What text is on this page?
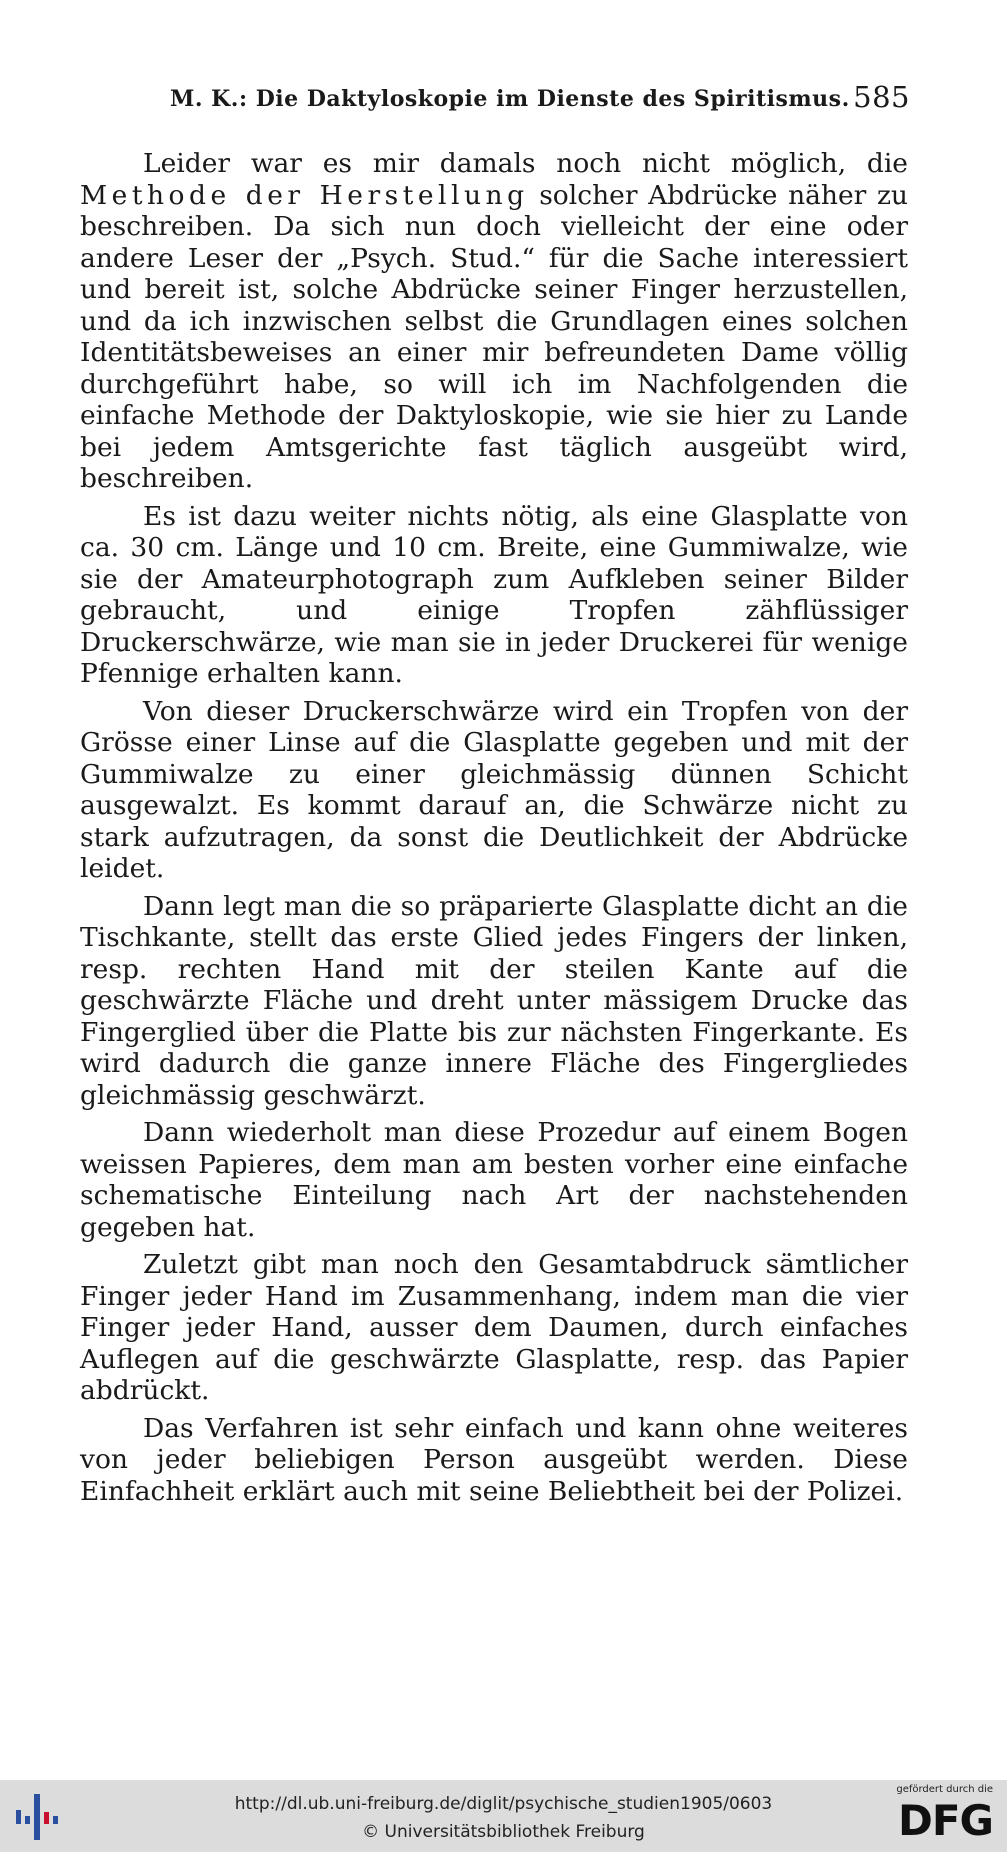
M. K.: Die Daktyloskopie im Dienste des Spiritismus. 585

Leider war es mir damals noch nicht möglich, die Methode der Herstellung solcher Abdrücke näher zu beschreiben. Da sich nun doch vielleicht der eine oder andere Leser der „Psych. Stud.“ für die Sache interessiert und bereit ist, solche Abdrücke seiner Finger herzustellen, und da ich inzwischen selbst die Grundlagen eines solchen Identitätsbeweises an einer mir befreundeten Dame völlig durchgeführt habe, so will ich im Nachfolgenden die einfache Methode der Daktyloskopie, wie sie hier zu Lande bei jedem Amtsgerichte fast täglich ausgeübt wird, beschreiben.

Es ist dazu weiter nichts nötig, als eine Glasplatte von ca. 30 cm. Länge und 10 cm. Breite, eine Gummiwalze, wie sie der Amateurphotograph zum Aufkleben seiner Bilder gebraucht, und einige Tropfen zähflüssiger Druckerschwärze, wie man sie in jeder Druckerei für wenige Pfennige erhalten kann.

Von dieser Druckerschwärze wird ein Tropfen von der Grösse einer Linse auf die Glasplatte gegeben und mit der Gummiwalze zu einer gleichmässig dünnen Schicht ausgewalzt. Es kommt darauf an, die Schwärze nicht zu stark aufzutragen, da sonst die Deutlichkeit der Abdrücke leidet.

Dann legt man die so präparierte Glasplatte dicht an die Tischkante, stellt das erste Glied jedes Fingers der linken, resp. rechten Hand mit der steilen Kante auf die geschwärzte Fläche und dreht unter mässigem Drucke das Fingerglied über die Platte bis zur nächsten Fingerkante. Es wird dadurch die ganze innere Fläche des Fingergliedes gleichmässig geschwärzt.

Dann wiederholt man diese Prozedur auf einem Bogen weissen Papieres, dem man am besten vorher eine einfache schematische Einteilung nach Art der nachstehenden gegeben hat.

Zuletzt gibt man noch den Gesamtabdruck sämtlicher Finger jeder Hand im Zusammenhang, indem man die vier Finger jeder Hand, ausser dem Daumen, durch einfaches Auflegen auf die geschwärzte Glasplatte, resp. das Papier abdrückt.

Das Verfahren ist sehr einfach und kann ohne weiteres von jeder beliebigen Person ausgeübt werden. Diese Einfachheit erklärt auch mit seine Beliebtheit bei der Polizei.

http://dl.ub.uni-freiburg.de/diglit/psychische_studien1905/0603
© Universitätsbibliothek Freiburg
gefördert durch die
DFG
